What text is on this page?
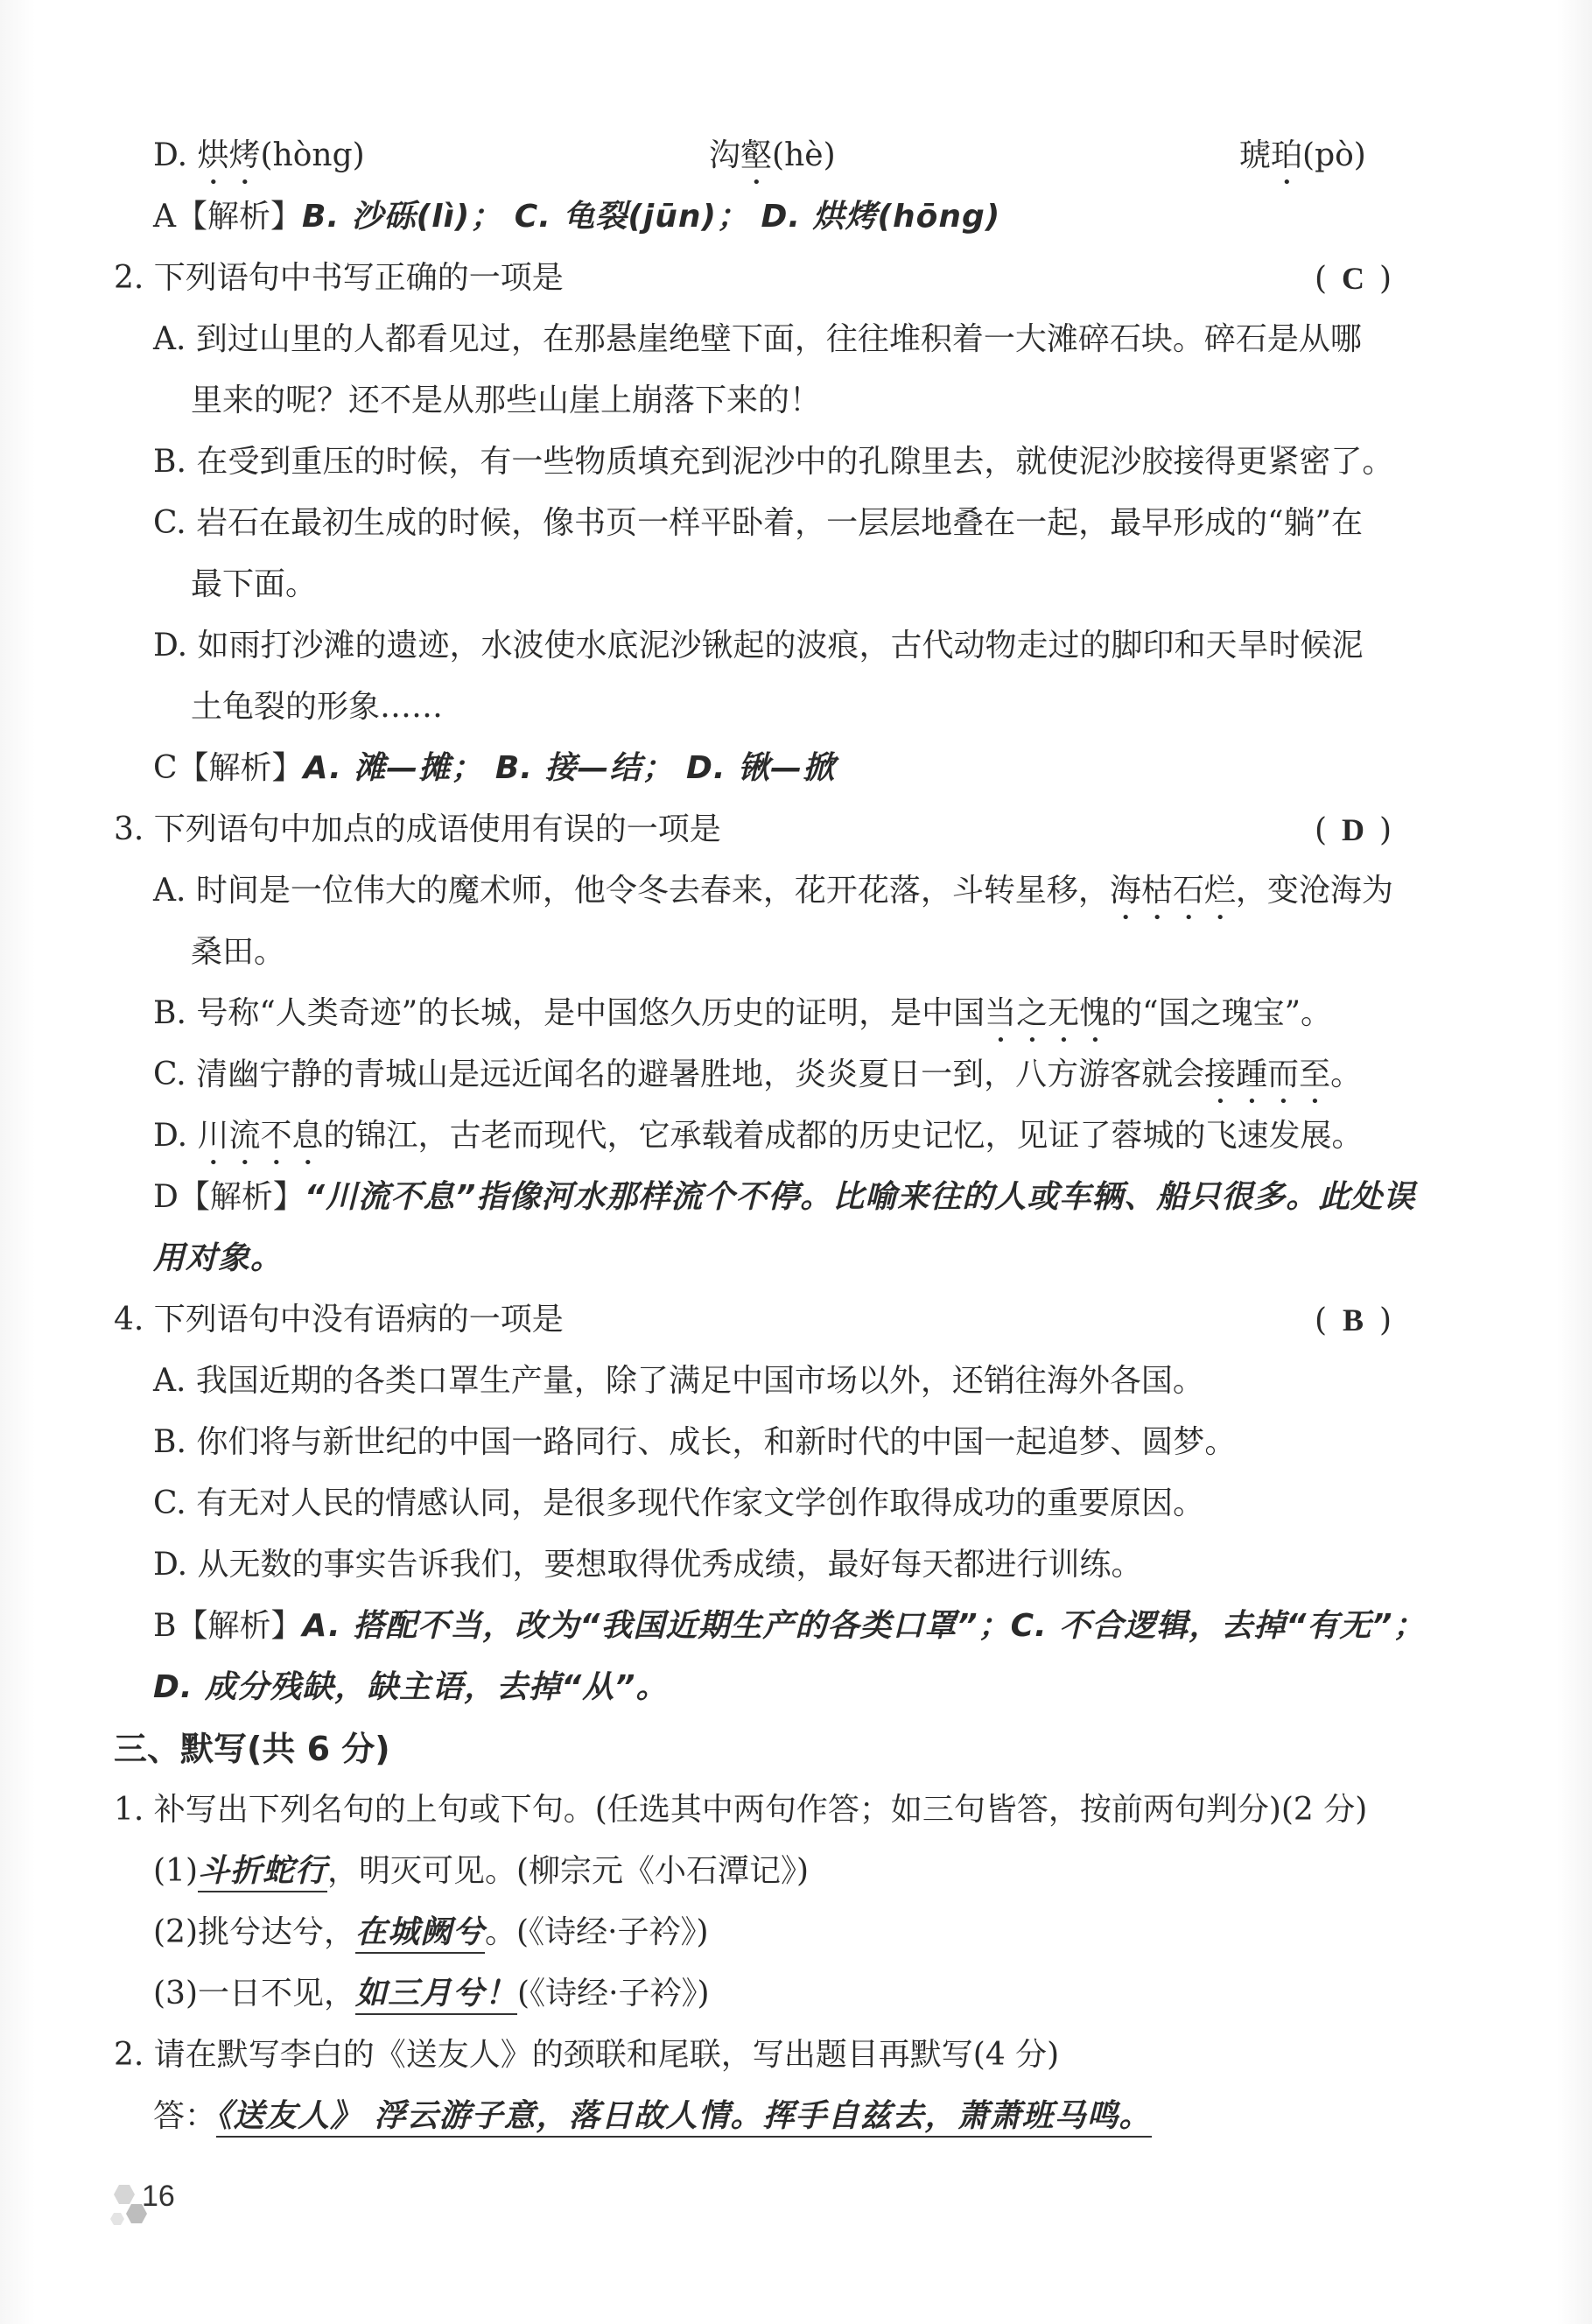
D. 烘烤(hòng)	沟壑(hè)	琥珀(pò)
A【解析】B. 沙砾(lì)； C. 龟裂(jūn)； D. 烘烤(hōng)
2. 下列语句中书写正确的一项是	( C )
A. 到过山里的人都看见过，在那悬崖绝壁下面，往往堆积着一大滩碎石块。碎石是从哪
里来的呢？还不是从那些山崖上崩落下来的！
B. 在受到重压的时候，有一些物质填充到泥沙中的孔隙里去，就使泥沙胶接得更紧密了。
C. 岩石在最初生成的时候，像书页一样平卧着，一层层地叠在一起，最早形成的“躺”在
最下面。
D. 如雨打沙滩的遗迹，水波使水底泥沙锹起的波痕，古代动物走过的脚印和天旱时候泥
土龟裂的形象……
C【解析】A. 滩—摊； B. 接—结； D. 锹—掀
3. 下列语句中加点的成语使用有误的一项是	( D )
A. 时间是一位伟大的魔术师，他令冬去春来，花开花落，斗转星移，海枯石烂，变沧海为
桑田。
B. 号称“人类奇迹”的长城，是中国悠久历史的证明，是中国当之无愧的“国之瑰宝”。
C. 清幽宁静的青城山是远近闻名的避暑胜地，炎炎夏日一到，八方游客就会接踵而至。
D. 川流不息的锦江，古老而现代，它承载着成都的历史记忆，见证了蓉城的飞速发展。
D【解析】“川流不息”指像河水那样流个不停。比喻来往的人或车辆、船只很多。此处误
用对象。
4. 下列语句中没有语病的一项是	( B )
A. 我国近期的各类口罩生产量，除了满足中国市场以外，还销往海外各国。
B. 你们将与新世纪的中国一路同行、成长，和新时代的中国一起追梦、圆梦。
C. 有无对人民的情感认同，是很多现代作家文学创作取得成功的重要原因。
D. 从无数的事实告诉我们，要想取得优秀成绩，最好每天都进行训练。
B【解析】A. 搭配不当，改为“我国近期生产的各类口罩”；C. 不合逻辑，去掉“有无”；
D. 成分残缺，缺主语，去掉“从”。
三、默写(共 6 分)
1. 补写出下列名句的上句或下句。(任选其中两句作答；如三句皆答，按前两句判分)(2 分)
(1)斗折蛇行，明灭可见。(柳宗元《小石潭记》)
(2)挑兮达兮，在城阙兮。(《诗经·子衿》)
(3)一日不见，如三月兮！(《诗经·子衿》)
2. 请在默写李白的《送友人》的颈联和尾联，写出题目再默写(4 分)
答：《送友人》 浮云游子意，落日故人情。挥手自兹去，萧萧班马鸣。
16
